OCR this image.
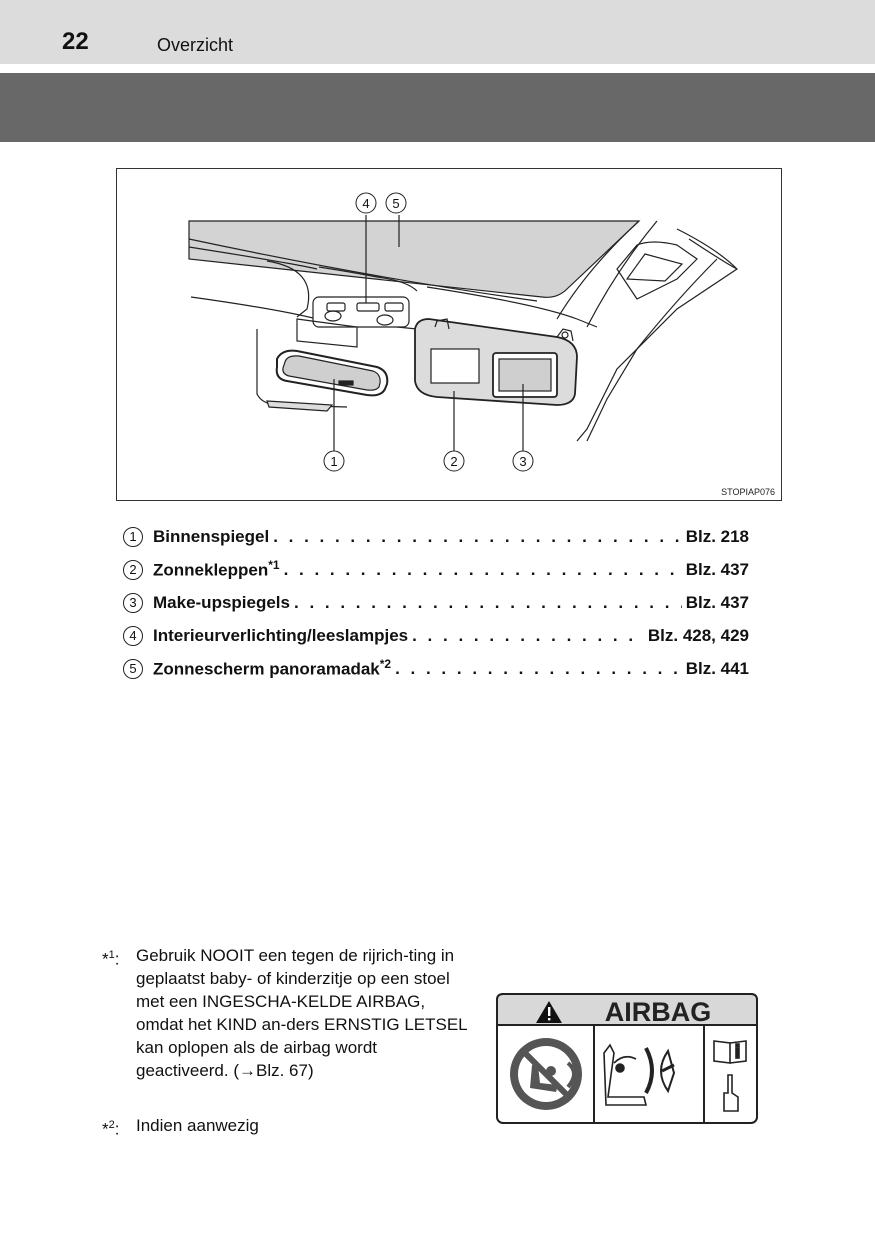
22	Overzicht
4 5
1	2	3
STOPIAP076
1 Binnenspiegel . . .	Blz. 218
2 Zonnekleppen$^{*1}$ . . .	Blz. 437
3 Make-upspiegels . . .	Blz. 437
4 Interieurverlichting/leeslampjes . . .	Blz. 428, 429
5 Zonnescherm panoramadak$^{*2}$ . . .	Blz. 441
*$^1$: Gebruik NOOIT een tegen de rijrich-ting in geplaatst baby- of kinderzitje op een stoel met een INGESCHA-KELDE AIRBAG, omdat het KIND an-ders ERNSTIG LETSEL kan oplopen als de airbag wordt geactiveerd. (→Blz. 67)
*$^2$: Indien aanwezig
AIRBAG
